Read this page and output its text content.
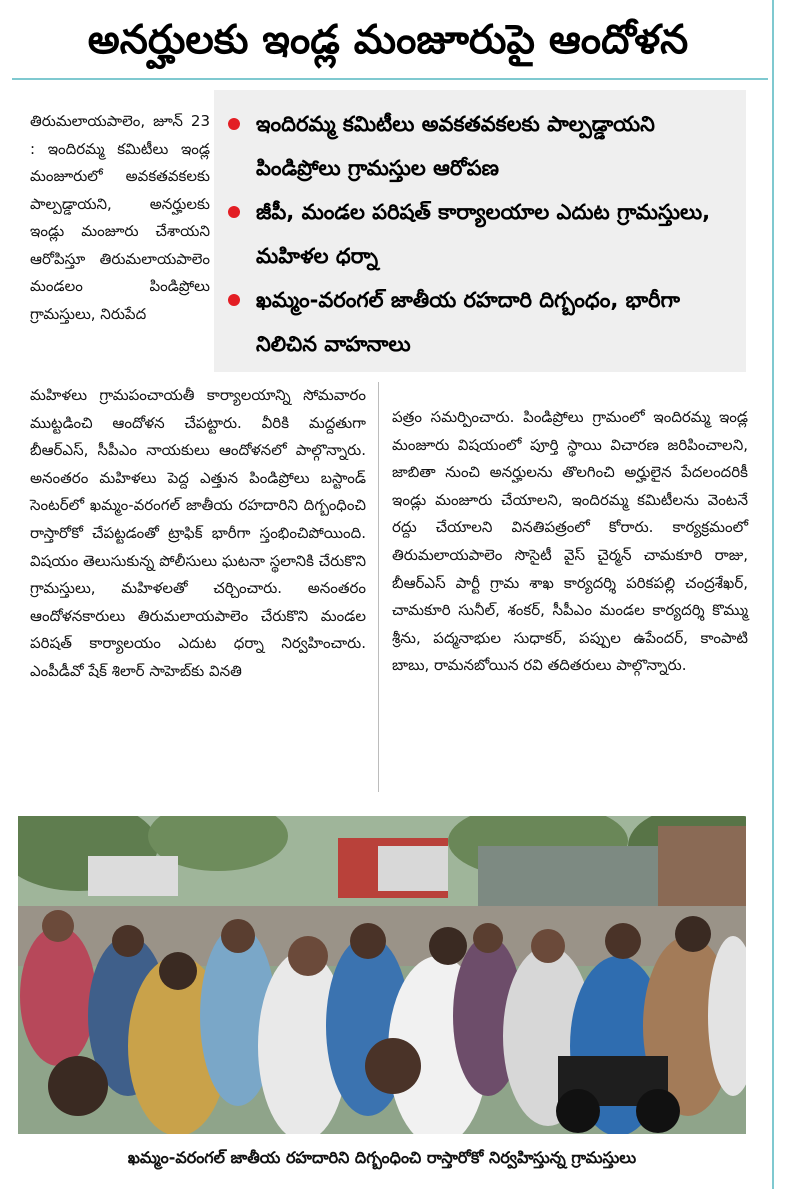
అనర్హులకు ఇండ్ల మంజూరుపై ఆందోళన
తిరుమలాయపాలెం, జూన్ 23 : ఇందిరమ్మ కమిటీలు ఇండ్ల మంజూరులో అవకతవకలకు పాల్పడ్డాయని, అనర్హులకు ఇండ్లు మంజూరు చేశాయని ఆరోపిస్తూ తిరుమలాయపాలెం మండలం పిండిప్రోలు గ్రామస్తులు, నిరుపేద
ఇందిరమ్మ కమిటీలు అవకతవకలకు పాల్పడ్డాయని పిండిప్రోలు గ్రామస్తుల ఆరోపణ
జీపీ, మండల పరిషత్ కార్యాలయాల ఎదుట గ్రామస్తులు, మహిళల ధర్నా
ఖమ్మం-వరంగల్ జాతీయ రహదారి దిగ్బంధం, భారీగా నిలిచిన వాహనాలు
మహిళలు గ్రామపంచాయతీ కార్యాలయాన్ని సోమవారం ముట్టడించి ఆందోళన చేపట్టారు. వీరికి మద్దతుగా బీఆర్ఎస్, సీపీఎం నాయకులు ఆందోళనలో పాల్గొన్నారు. అనంతరం మహిళలు పెద్ద ఎత్తున పిండిప్రోలు బస్టాండ్ సెంటర్‌లో ఖమ్మం-వరంగల్ జాతీయ రహదారిని దిగ్బంధించి రాస్తారోకో చేపట్టడంతో ట్రాఫిక్ భారీగా స్తంభించిపోయింది. విషయం తెలుసుకున్న పోలీసులు ఘటనా స్థలానికి చేరుకొని గ్రామస్తులు, మహిళలతో చర్చించారు. అనంతరం ఆందోళనకారులు తిరుమలాయపాలెం చేరుకొని మండల పరిషత్ కార్యాలయం ఎదుట ధర్నా నిర్వహించారు. ఎంపీడీవో షేక్ శిలార్ సాహెబ్‌కు వినతి
పత్రం సమర్పించారు. పిండిప్రోలు గ్రామంలో ఇందిరమ్మ ఇండ్ల మంజూరు విషయంలో పూర్తి స్థాయి విచారణ జరిపించాలని, జాబితా నుంచి అనర్హులను తొలగించి అర్హులైన పేదలందరికీ ఇండ్లు మంజూరు చేయాలని, ఇందిరమ్మ కమిటీలను వెంటనే రద్దు చేయాలని వినతిపత్రంలో కోరారు. కార్యక్రమంలో తిరుమలాయపాలెం సొసైటీ వైస్ చైర్మన్ చామకూరి రాజు, బీఆర్ఎస్ పార్టీ గ్రామ శాఖ కార్యదర్శి పరికపల్లి చంద్రశేఖర్, చామకూరి సునీల్, శంకర్, సీపీఎం మండల కార్యదర్శి కొమ్ము శ్రీను, పద్మనాభుల సుధాకర్, పప్పుల ఉపేందర్, కాంపాటి బాబు, రామనబోయిన రవి తదితరులు పాల్గొన్నారు.
ఖమ్మం-వరంగల్ జాతీయ రహదారిని దిగ్బంధించి రాస్తారోకో నిర్వహిస్తున్న గ్రామస్తులు
